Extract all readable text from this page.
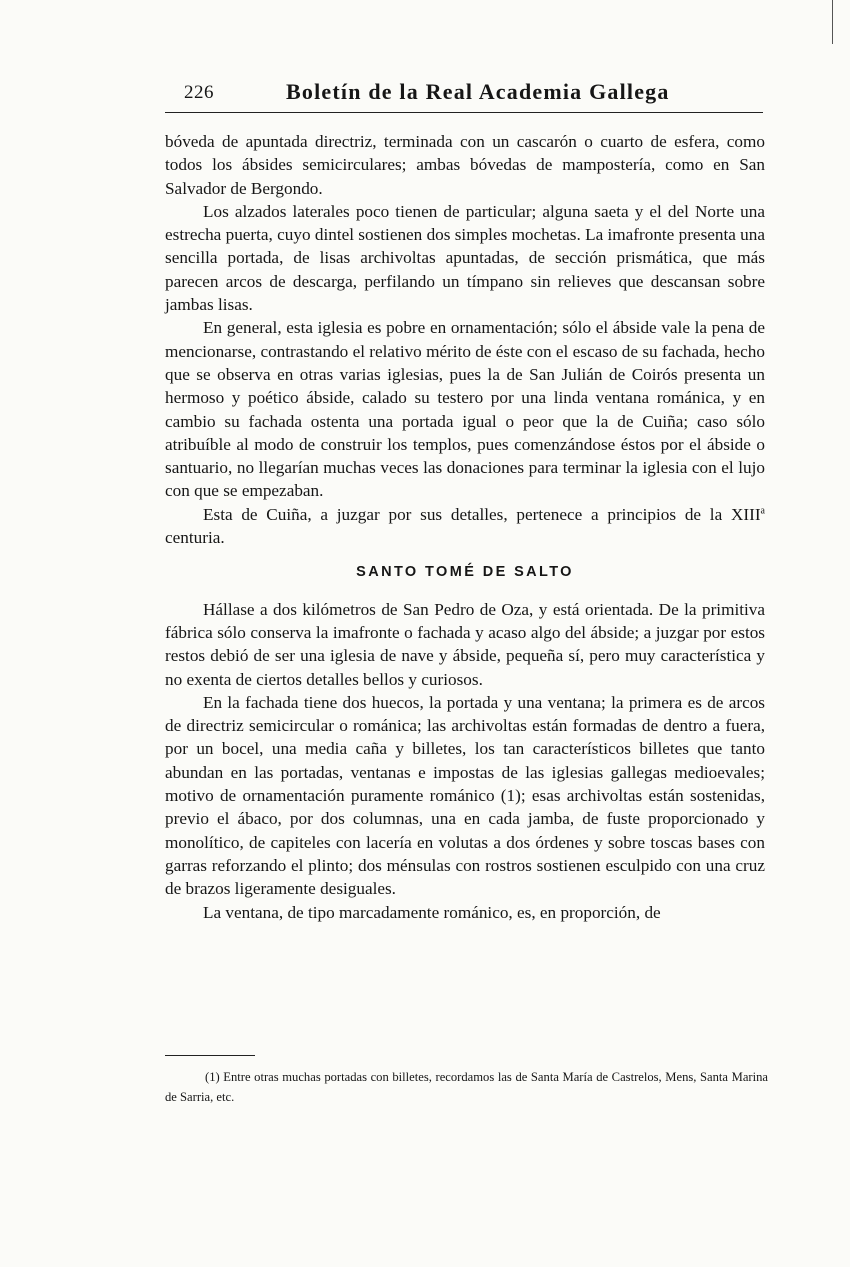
226	Boletín de la Real Academia Gallega

bóveda de apuntada directriz, terminada con un cascarón o cuarto de esfera, como todos los ábsides semicirculares; ambas bóvedas de mampostería, como en San Salvador de Bergondo.

Los alzados laterales poco tienen de particular; alguna saeta y el del Norte una estrecha puerta, cuyo dintel sostienen dos simples mochetas. La imafronte presenta una sencilla portada, de lisas archivoltas apuntadas, de sección prismática, que más parecen arcos de descarga, perfilando un tímpano sin relieves que descansan sobre jambas lisas.

En general, esta iglesia es pobre en ornamentación; sólo el ábside vale la pena de mencionarse, contrastando el relativo mérito de éste con el escaso de su fachada, hecho que se observa en otras varias iglesias, pues la de San Julián de Coirós presenta un hermoso y poético ábside, calado su testero por una linda ventana románica, y en cambio su fachada ostenta una portada igual o peor que la de Cuiña; caso sólo atribuíble al modo de construir los templos, pues comenzándose éstos por el ábside o santuario, no llegarían muchas veces las donaciones para terminar la iglesia con el lujo con que se empezaban.

Esta de Cuiña, a juzgar por sus detalles, pertenece a principios de la XIII$^a$ centuria.

SANTO TOMÉ DE SALTO

Hállase a dos kilómetros de San Pedro de Oza, y está orientada. De la primitiva fábrica sólo conserva la imafronte o fachada y acaso algo del ábside; a juzgar por estos restos debió de ser una iglesia de nave y ábside, pequeña sí, pero muy característica y no exenta de ciertos detalles bellos y curiosos.

En la fachada tiene dos huecos, la portada y una ventana; la primera es de arcos de directriz semicircular o románica; las archivoltas están formadas de dentro a fuera, por un bocel, una media caña y billetes, los tan característicos billetes que tanto abundan en las portadas, ventanas e impostas de las iglesias gallegas medioevales; motivo de ornamentación puramente románico (1); esas archivoltas están sostenidas, previo el ábaco, por dos columnas, una en cada jamba, de fuste proporcionado y monolítico, de capiteles con lacería en volutas a dos órdenes y sobre toscas bases con garras reforzando el plinto; dos ménsulas con rostros sostienen esculpido con una cruz de brazos ligeramente desiguales.

La ventana, de tipo marcadamente románico, es, en proporción, de

(1) Entre otras muchas portadas con billetes, recordamos las de Santa María de Castrelos, Mens, Santa Marina de Sarria, etc.
